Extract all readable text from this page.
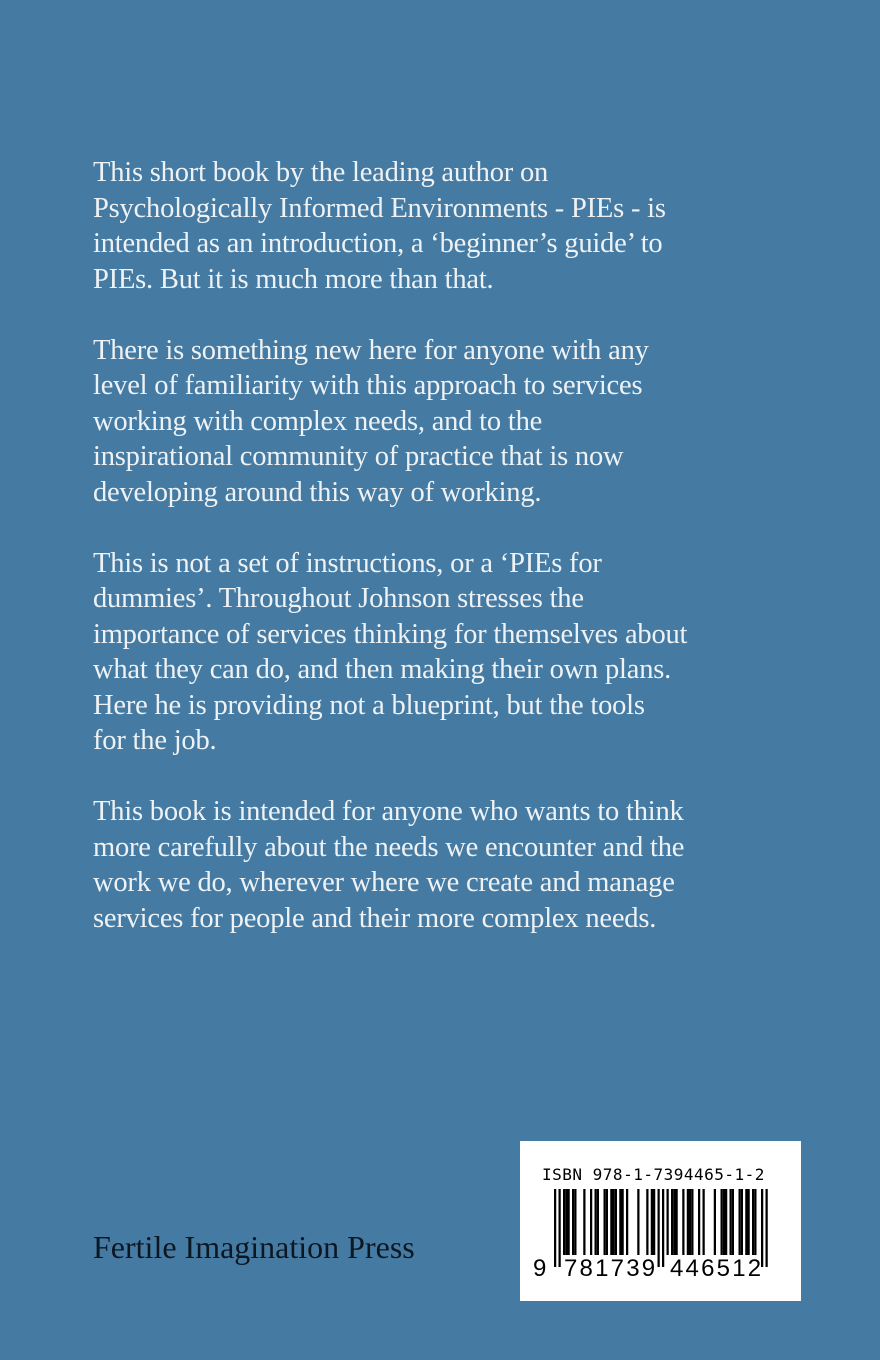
This short book by the leading author on
Psychologically Informed Environments - PIEs - is
intended as an introduction, a ‘beginner’s guide’ to
PIEs. But it is much more than that.
There is something new here for anyone with any
level of familiarity with this approach to services
working with complex needs, and to the
inspirational community of practice that is now
developing around this way of working.
This is not a set of instructions, or a ‘PIEs for
dummies’. Throughout Johnson stresses the
importance of services thinking for themselves about
what they can do, and then making their own plans.
Here he is providing not a blueprint, but the tools
for the job.
This book is intended for anyone who wants to think
more carefully about the needs we encounter and the
work we do, wherever where we create and manage
services for people and their more complex needs.
Fertile Imagination Press
ISBN 978-1-7394465-1-2
9 781739 446512
